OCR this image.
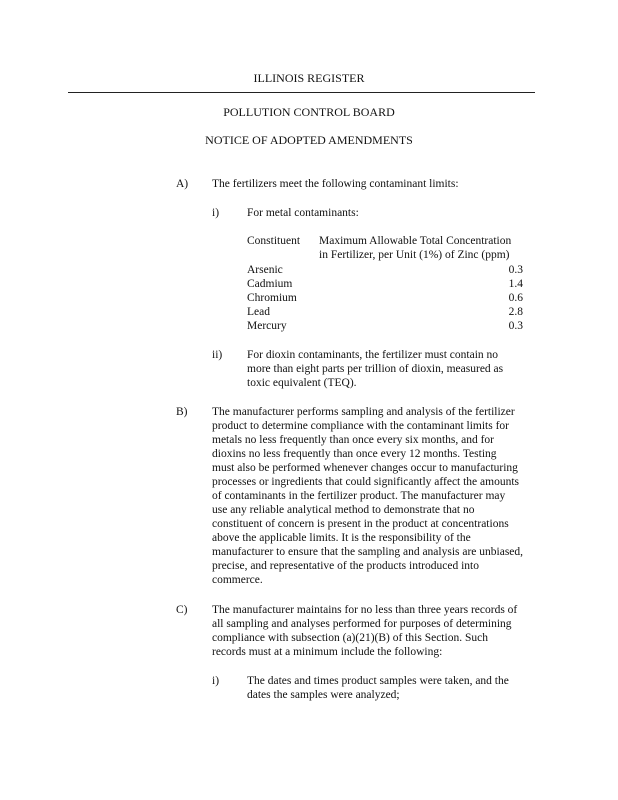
ILLINOIS REGISTER
POLLUTION CONTROL BOARD
NOTICE OF ADOPTED AMENDMENTS
A) The fertilizers meet the following contaminant limits:
i) For metal contaminants:
Constituent Maximum Allowable Total Concentration
in Fertilizer, per Unit (1%) of Zinc (ppm)
Arsenic	0.3
Cadmium	1.4
Chromium	0.6
Lead	2.8
Mercury	0.3
ii) For dioxin contaminants, the fertilizer must contain no
more than eight parts per trillion of dioxin, measured as
toxic equivalent (TEQ).
B) The manufacturer performs sampling and analysis of the fertilizer
product to determine compliance with the contaminant limits for
metals no less frequently than once every six months, and for
dioxins no less frequently than once every 12 months. Testing
must also be performed whenever changes occur to manufacturing
processes or ingredients that could significantly affect the amounts
of contaminants in the fertilizer product. The manufacturer may
use any reliable analytical method to demonstrate that no
constituent of concern is present in the product at concentrations
above the applicable limits. It is the responsibility of the
manufacturer to ensure that the sampling and analysis are unbiased,
precise, and representative of the products introduced into
commerce.
C) The manufacturer maintains for no less than three years records of
all sampling and analyses performed for purposes of determining
compliance with subsection (a)(21)(B) of this Section. Such
records must at a minimum include the following:
i) The dates and times product samples were taken, and the
dates the samples were analyzed;
